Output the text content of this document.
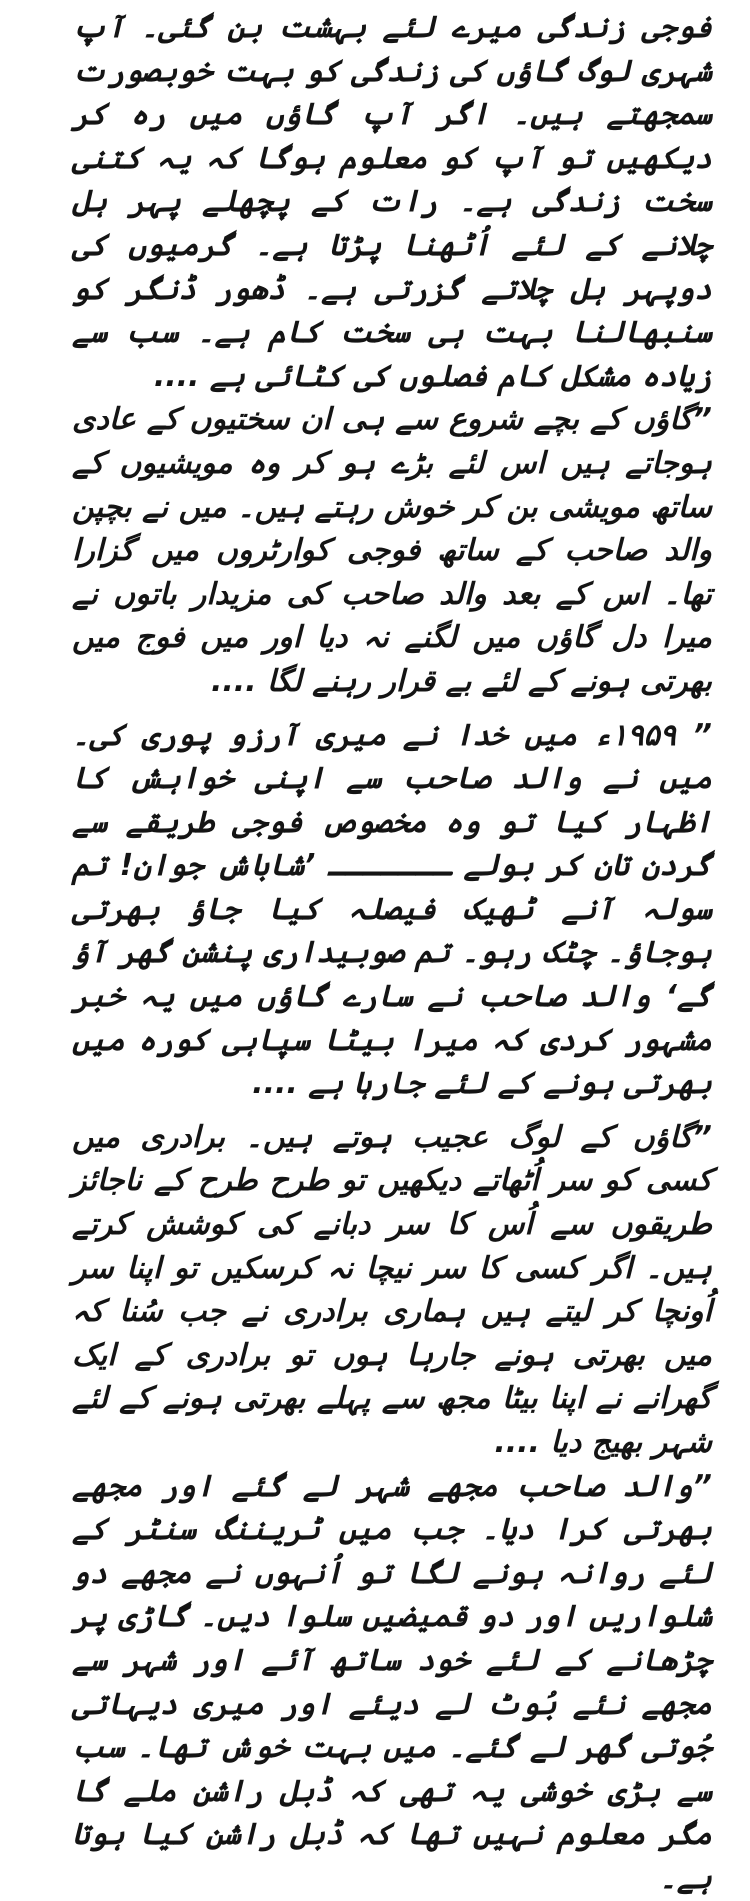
فوجی زندگی میرے لئے بہشت بن گئی۔ آپ شہری لوگ گاؤں کی زندگی کو بہت خوبصورت سمجھتے ہیں۔ اگر آپ گاؤں میں رہ کر دیکھیں تو آپ کو معلوم ہوگا کہ یہ کتنی سخت زندگی ہے۔ رات کے پچھلے پہر ہل چلانے کے لئے اُٹھنا پڑتا ہے۔ گرمیوں کی دوپہر ہل چلاتے گزرتی ہے۔ ڈھور ڈنگر کو سنبھالنا بہت ہی سخت کام ہے۔ سب سے زیادہ مشکل کام فصلوں کی کٹائی ہے ....

”گاؤں کے بچے شروع سے ہی ان سختیوں کے عادی ہوجاتے ہیں اس لئے بڑے ہو کر وہ مویشیوں کے ساتھ مویشی بن کر خوش رہتے ہیں۔ میں نے بچپن والد صاحب کے ساتھ فوجی کوارٹروں میں گزارا تھا۔ اس کے بعد والد صاحب کی مزیدار باتوں نے میرا دل گاؤں میں لگنے نہ دیا اور میں فوج میں بھرتی ہونے کے لئے بے قرار رہنے لگا ....

” ۱۹۵۹ء میں خدا نے میری آرزو پوری کی۔ میں نے والد صاحب سے اپنی خواہش کا اظہار کیا تو وہ مخصوص فوجی طریقے سے گردن تان کر بولے ـــــــ ’شاباش جوان! تم سولہ آنے ٹھیک فیصلہ کیا جاؤ بھرتی ہوجاؤ۔ چٹک رہو۔ تم صوبیداری پنشن گھر آؤ گے‘ والد صاحب نے سارے گاؤں میں یہ خبر مشہور کردی کہ میرا بیٹا سپاہی کورہ میں بھرتی ہونے کے لئے جارہا ہے ....

”گاؤں کے لوگ عجیب ہوتے ہیں۔ برادری میں کسی کو سر اُٹھاتے دیکھیں تو طرح طرح کے ناجائز طریقوں سے اُس کا سر دبانے کی کوشش کرتے ہیں۔ اگر کسی کا سر نیچا نہ کرسکیں تو اپنا سر اُونچا کر لیتے ہیں ہماری برادری نے جب سُنا کہ میں بھرتی ہونے جارہا ہوں تو برادری کے ایک گھرانے نے اپنا بیٹا مجھ سے پہلے بھرتی ہونے کے لئے شہر بھیج دیا ....

”والد صاحب مجھے شہر لے گئے اور مجھے بھرتی کرا دیا۔ جب میں ٹریننگ سنٹر کے لئے روانہ ہونے لگا تو اُنہوں نے مجھے دو شلواریں اور دو قمیضیں سلوا دیں۔ گاڑی پر چڑھانے کے لئے خود ساتھ آئے اور شہر سے مجھے نئے بُوٹ لے دیئے اور میری دیہاتی جُوتی گھر لے گئے۔ میں بہت خوش تھا۔ سب سے بڑی خوشی یہ تھی کہ ڈبل راشن ملے گا مگر معلوم نہیں تھا کہ ڈبل راشن کیا ہوتا ہے۔
